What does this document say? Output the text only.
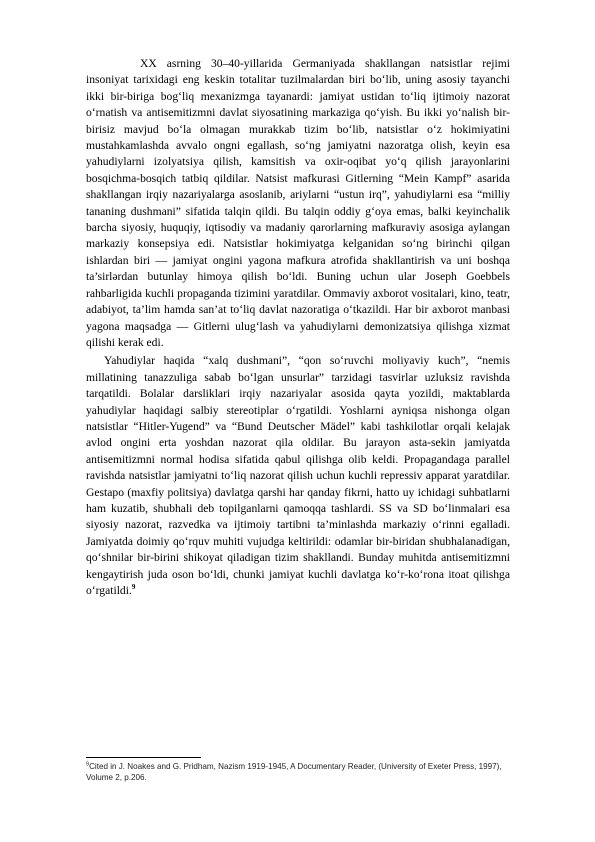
XX asrning 30–40-yillarida Germaniyada shakllangan natsistlar rejimi insoniyat tarixidagi eng keskin totalitar tuzilmalardan biri bo‘lib, uning asosiy tayanchi ikki bir-biriga bog‘liq mexanizmga tayanardi: jamiyat ustidan to‘liq ijtimoiy nazorat o‘rnatish va antisemitizmni davlat siyosatining markaziga qo‘yish. Bu ikki yo‘nalish bir-birisiz mavjud bo‘la olmagan murakkab tizim bo‘lib, natsistlar o‘z hokimiyatini mustahkamlashda avvalo ongni egallash, so‘ng jamiyatni nazoratga olish, keyin esa yahudiylarni izolyatsiya qilish, kamsitish va oxir-oqibat yo‘q qilish jarayonlarini bosqichma-bosqich tatbiq qildilar. Natsist mafkurasi Gitlerning “Mein Kampf” asarida shakllangan irqiy nazariyalarga asoslanib, ariylarni “ustun irq”, yahudiylarni esa “milliy tananing dushmani” sifatida talqin qildi. Bu talqin oddiy g‘oya emas, balki keyinchalik barcha siyosiy, huquqiy, iqtisodiy va madaniy qarorlarning mafkuraviy asosiga aylangan markaziy konsepsiya edi. Natsistlar hokimiyatga kelganidan so‘ng birinchi qilgan ishlardan biri — jamiyat ongini yagona mafkura atrofida shakllantirish va uni boshqa ta’sirlərdan butunlay himoya qilish bo‘ldi. Buning uchun ular Joseph Goebbels rahbarligida kuchli propaganda tizimini yaratdilar. Ommaviy axborot vositalari, kino, teatr, adabiyot, ta’lim hamda san’at to‘liq davlat nazoratiga o‘tkazildi. Har bir axborot manbasi yagona maqsadga — Gitlerni ulug‘lash va yahudiylarni demonizatsiya qilishga xizmat qilishi kerak edi.

Yahudiylar haqida “xalq dushmani”, “qon so‘ruvchi moliyaviy kuch”, “nemis millatining tanazzuliga sabab bo‘lgan unsurlar” tarzidagi tasvirlar uzluksiz ravishda tarqatildi. Bolalar darsliklari irqiy nazariyalar asosida qayta yozildi, maktablarda yahudiylar haqidagi salbiy stereotiplar o‘rgatildi. Yoshlarni ayniqsa nishonga olgan natsistlar “Hitler-Yugend” va “Bund Deutscher Mädel” kabi tashkilotlar orqali kelajak avlod ongini erta yoshdan nazorat qila oldilar. Bu jarayon asta-sekin jamiyatda antisemitizmni normal hodisa sifatida qabul qilishga olib keldi. Propagandaga parallel ravishda natsistlar jamiyatni to‘liq nazorat qilish uchun kuchli repressiv apparat yaratdilar. Gestapo (maxfiy politsiya) davlatga qarshi har qanday fikrni, hatto uy ichidagi suhbatlarni ham kuzatib, shubhali deb topilganlarni qamoqqa tashlardi. SS va SD bo‘linmalari esa siyosiy nazorat, razvedka va ijtimoiy tartibni ta’minlashda markaziy o‘rinni egalladi. Jamiyatda doimiy qo‘rquv muhiti vujudga keltirildi: odamlar bir-biridan shubhalanadigan, qo‘shnilar bir-birini shikoyat qiladigan tizim shakllandi. Bunday muhitda antisemitizmni kengaytirish juda oson bo‘ldi, chunki jamiyat kuchli davlatga ko‘r-ko‘rona itoat qilishga o‘rgatildi.$^9$

$^9$Cited in J. Noakes and G. Pridham, Nazism 1919-1945, A Documentary Reader, (University of Exeter Press, 1997), Volume 2, p.206.
